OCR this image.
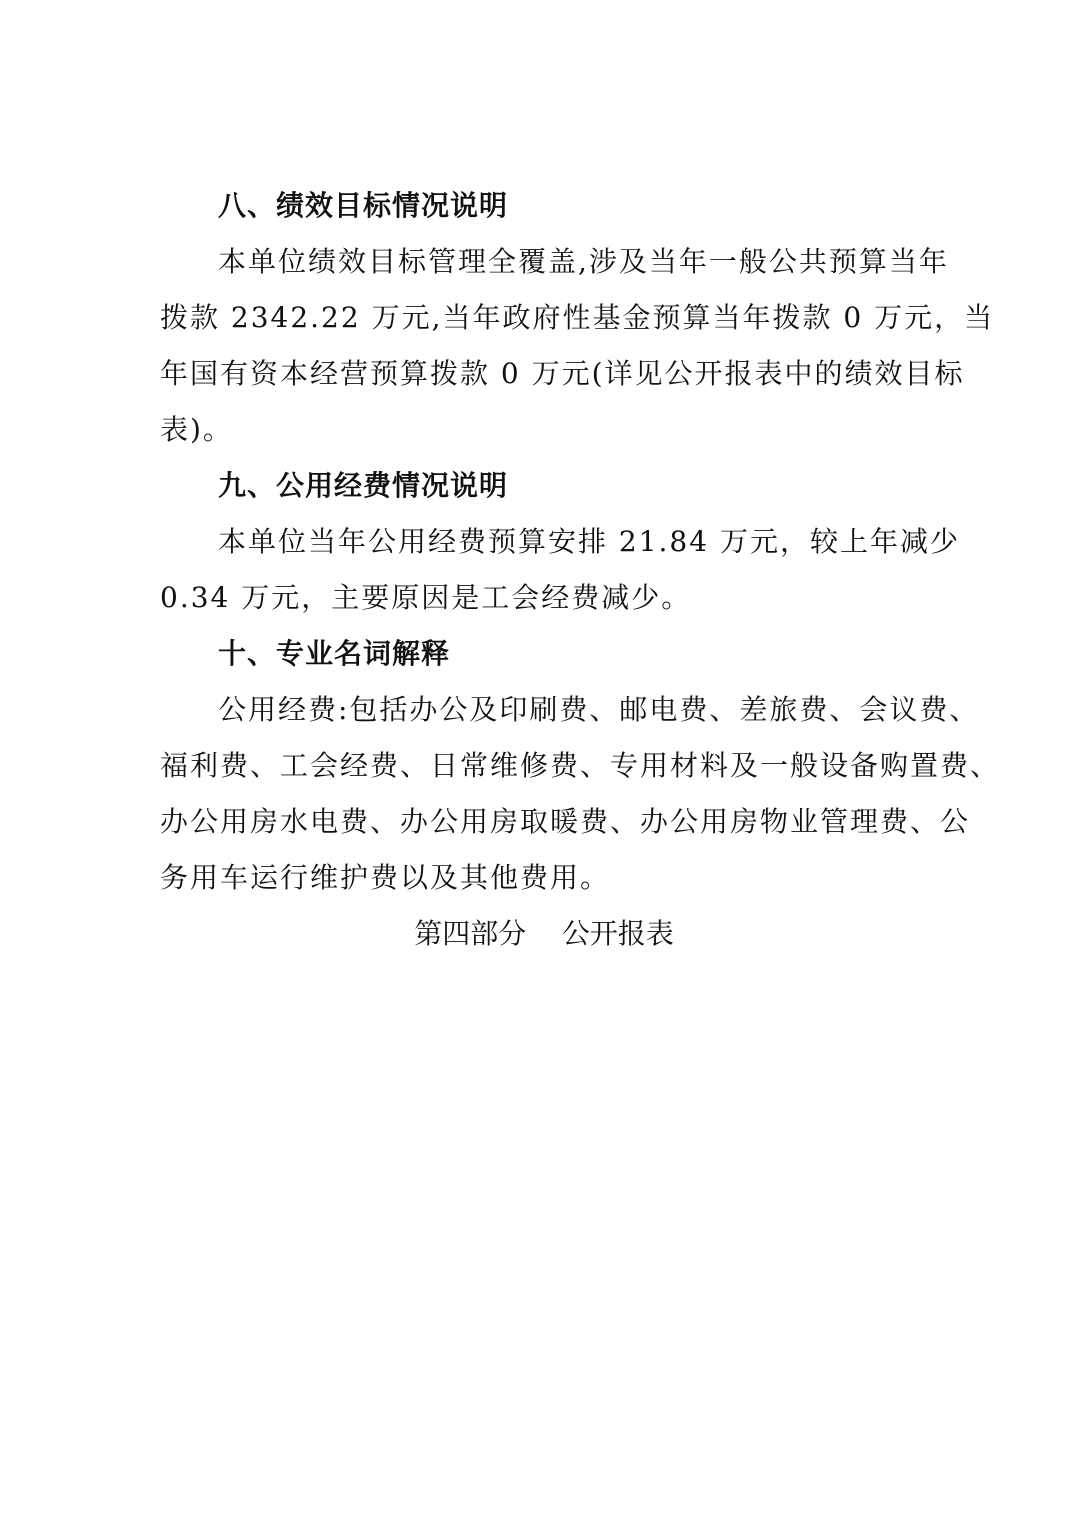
八、绩效目标情况说明
本单位绩效目标管理全覆盖,涉及当年一般公共预算当年
拨款 2342.22 万元,当年政府性基金预算当年拨款 0 万元，当
年国有资本经营预算拨款 0 万元(详见公开报表中的绩效目标
表)。
九、公用经费情况说明
本单位当年公用经费预算安排 21.84 万元，较上年减少
0.34 万元，主要原因是工会经费减少。
十、专业名词解释
公用经费:包括办公及印刷费、邮电费、差旅费、会议费、
福利费、工会经费、日常维修费、专用材料及一般设备购置费、
办公用房水电费、办公用房取暖费、办公用房物业管理费、公
务用车运行维护费以及其他费用。
第四部分    公开报表
